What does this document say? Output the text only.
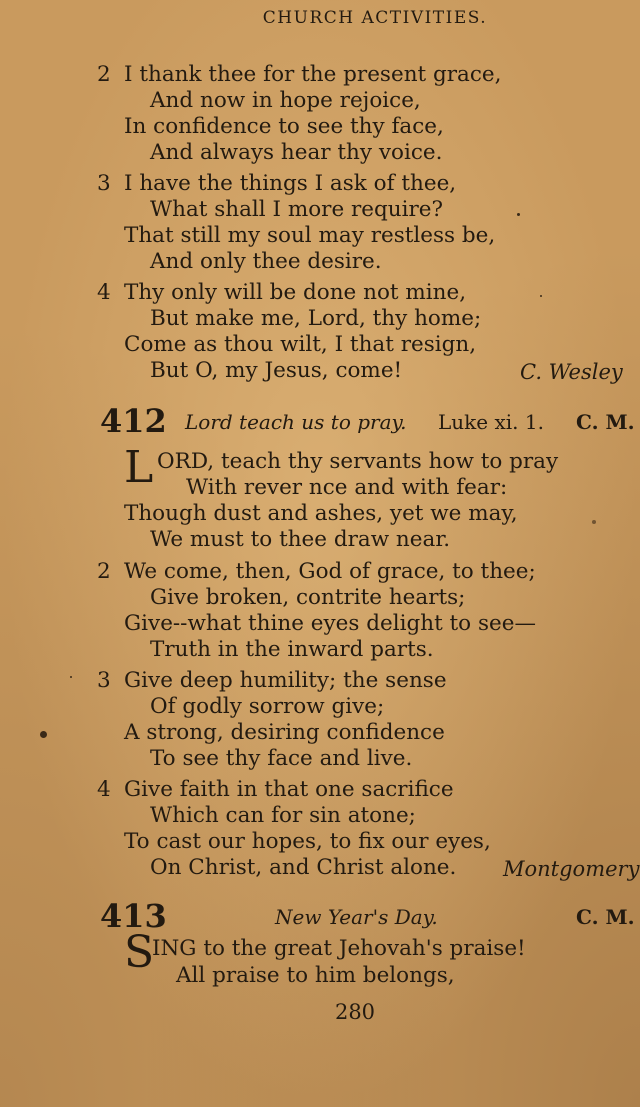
CHURCH ACTIVITIES.
2 I thank thee for the present grace,
And now in hope rejoice,
In confidence to see thy face,
And always hear thy voice.
3 I have the things I ask of thee,
What shall I more require?
That still my soul may restless be,
And only thee desire.
4 Thy only will be done not mine,
But make me, Lord, thy home;
Come as thou wilt, I that resign,
But O, my Jesus, come!	C. Wesley
412 Lord teach us to pray. Luke xi. 1. C. M.
L ORD, teach thy servants how to pray
With rever nce and with fear:
Though dust and ashes, yet we may,
We must to thee draw near.
2 We come, then, God of grace, to thee;
Give broken, contrite hearts;
Give--what thine eyes delight to see—
Truth in the inward parts.
3 Give deep humility; the sense
Of godly sorrow give;
A strong, desiring confidence
To see thy face and live.
4 Give faith in that one sacrifice
Which can for sin atone;
To cast our hopes, to fix our eyes,
On Christ, and Christ alone. Montgomery
413	New Year's Day.	C. M.
S
ING to the great Jehovah's praise!
All praise to him belongs,
280
